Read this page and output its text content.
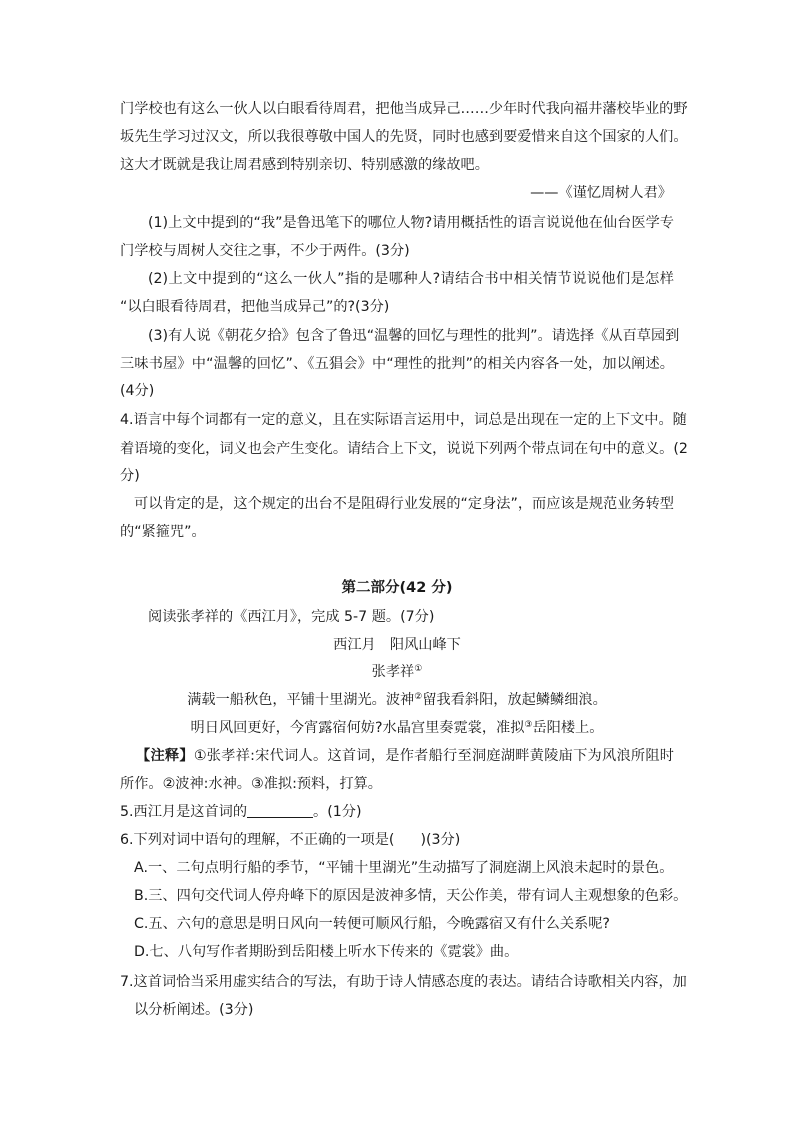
门学校也有这么一伙人以白眼看待周君，把他当成异己……少年时代我向福井藩校毕业的野
坂先生学习过汉文，所以我很尊敬中国人的先贤，同时也感到要爱惜来自这个国家的人们。
这大才既就是我让周君感到特别亲切、特别感激的缘故吧。
——《谨忆周树人君》
(1)上文中提到的“我”是鲁迅笔下的哪位人物?请用概括性的语言说说他在仙台医学专
门学校与周树人交往之事，不少于两件。(3分)
(2)上文中提到的“这么一伙人”指的是哪种人?请结合书中相关情节说说他们是怎样
“以白眼看待周君，把他当成异己”的?(3分)
(3)有人说《朝花夕拾》包含了鲁迅“温馨的回忆与理性的批判”。请选择《从百草园到
三味书屋》中“温馨的回忆”、《五猖会》中“理性的批判”的相关内容各一处，加以阐述。
(4分)
4.语言中每个词都有一定的意义，且在实际语言运用中，词总是出现在一定的上下文中。随
着语境的变化，词义也会产生变化。请结合上下文，说说下列两个带点词在句中的意义。(2
分)
可以肯定的是，这个规定的出台不是阻碍行业发展的“定身法”，而应该是规范业务转型
的“紧箍咒”。
第二部分(42 分)
阅读张孝祥的《西江月》，完成 5-7 题。(7分)
西江月　阳风山峰下
张孝祥①
满载一船秋色，平铺十里湖光。波神②留我看斜阳，放起鳞鳞细浪。
明日风回更好，今宵露宿何妨?水晶宫里奏霓裳，准拟③岳阳楼上。
【注释】①张孝祥:宋代词人。这首词，是作者船行至洞庭湖畔黄陵庙下为风浪所阻时
所作。②波神:水神。③准拟:预料，打算。
5.西江月是这首词的	。(1分)
6.下列对词中语句的理解，不正确的一项是( )(3分)
A.一、二句点明行船的季节，“平铺十里湖光”生动描写了洞庭湖上风浪未起时的景色。
B.三、四句交代词人停舟峰下的原因是波神多情，天公作美，带有词人主观想象的色彩。
C.五、六句的意思是明日风向一转便可顺风行船，今晚露宿又有什么关系呢?
D.七、八句写作者期盼到岳阳楼上听水下传来的《霓裳》曲。
7.这首词恰当采用虚实结合的写法，有助于诗人情感态度的表达。请结合诗歌相关内容，加
以分析阐述。(3分)
